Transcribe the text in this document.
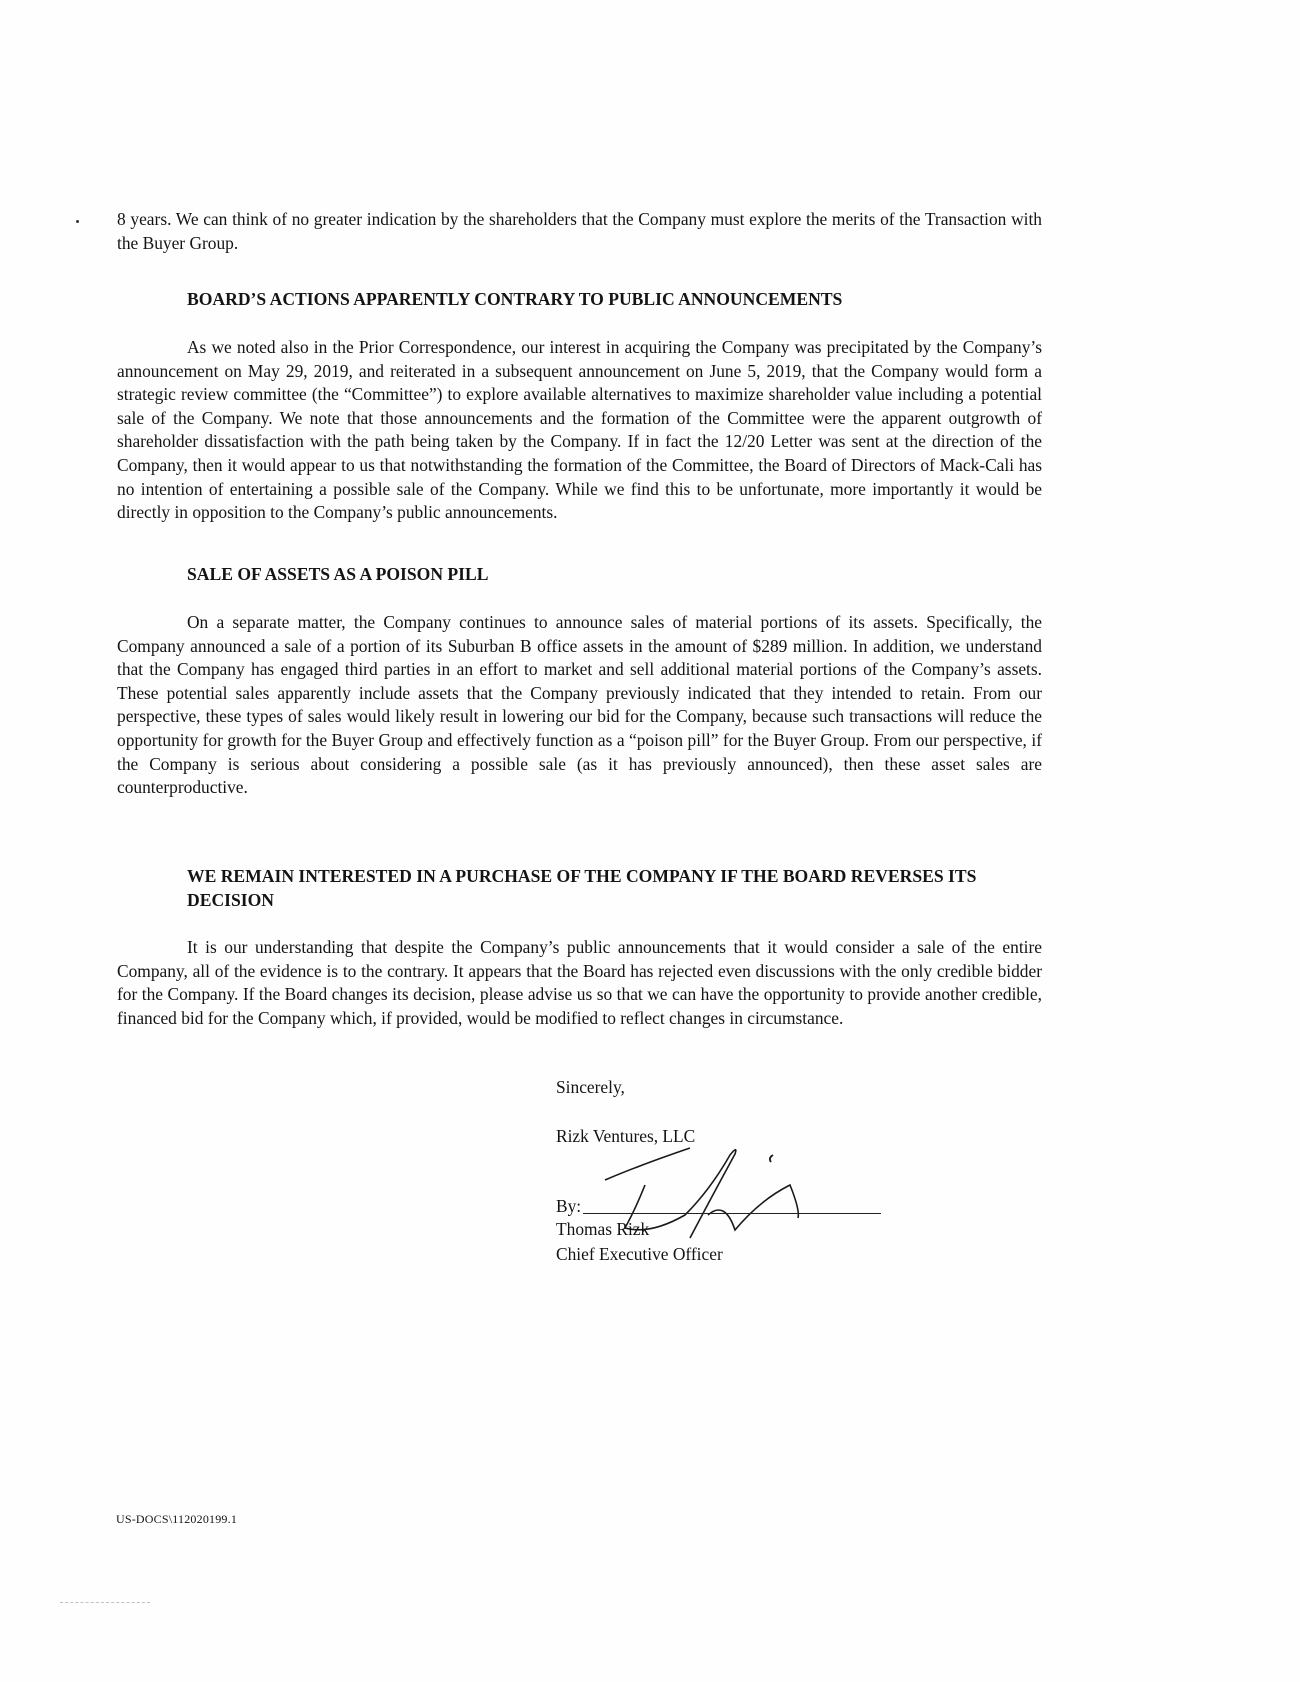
8 years. We can think of no greater indication by the shareholders that the Company must explore the merits of the Transaction with the Buyer Group.
BOARD’S ACTIONS APPARENTLY CONTRARY TO PUBLIC ANNOUNCEMENTS
As we noted also in the Prior Correspondence, our interest in acquiring the Company was precipitated by the Company’s announcement on May 29, 2019, and reiterated in a subsequent announcement on June 5, 2019, that the Company would form a strategic review committee (the “Committee”) to explore available alternatives to maximize shareholder value including a potential sale of the Company. We note that those announcements and the formation of the Committee were the apparent outgrowth of shareholder dissatisfaction with the path being taken by the Company. If in fact the 12/20 Letter was sent at the direction of the Company, then it would appear to us that notwithstanding the formation of the Committee, the Board of Directors of Mack-Cali has no intention of entertaining a possible sale of the Company. While we find this to be unfortunate, more importantly it would be directly in opposition to the Company’s public announcements.
SALE OF ASSETS AS A POISON PILL
On a separate matter, the Company continues to announce sales of material portions of its assets. Specifically, the Company announced a sale of a portion of its Suburban B office assets in the amount of $289 million. In addition, we understand that the Company has engaged third parties in an effort to market and sell additional material portions of the Company’s assets. These potential sales apparently include assets that the Company previously indicated that they intended to retain. From our perspective, these types of sales would likely result in lowering our bid for the Company, because such transactions will reduce the opportunity for growth for the Buyer Group and effectively function as a “poison pill” for the Buyer Group. From our perspective, if the Company is serious about considering a possible sale (as it has previously announced), then these asset sales are counterproductive.
WE REMAIN INTERESTED IN A PURCHASE OF THE COMPANY IF THE BOARD REVERSES ITS DECISION
It is our understanding that despite the Company’s public announcements that it would consider a sale of the entire Company, all of the evidence is to the contrary. It appears that the Board has rejected even discussions with the only credible bidder for the Company. If the Board changes its decision, please advise us so that we can have the opportunity to provide another credible, financed bid for the Company which, if provided, would be modified to reflect changes in circumstance.
Sincerely,
Rizk Ventures, LLC
By:
Thomas Rizk
Chief Executive Officer
US-DOCS\112020199.1
